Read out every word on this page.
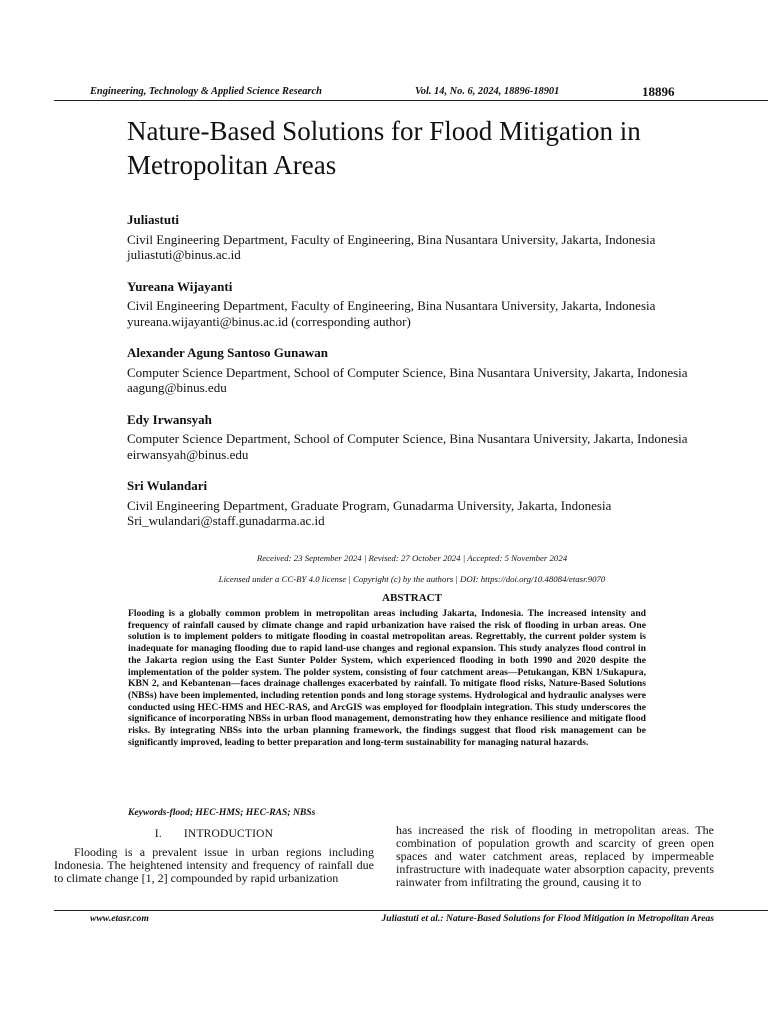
Engineering, Technology & Applied Science Research	Vol. 14, No. 6, 2024, 18896-18901	18896
Nature-Based Solutions for Flood Mitigation in Metropolitan Areas
Juliastuti
Civil Engineering Department, Faculty of Engineering, Bina Nusantara University, Jakarta, Indonesia
juliastuti@binus.ac.id
Yureana Wijayanti
Civil Engineering Department, Faculty of Engineering, Bina Nusantara University, Jakarta, Indonesia
yureana.wijayanti@binus.ac.id (corresponding author)
Alexander Agung Santoso Gunawan
Computer Science Department, School of Computer Science, Bina Nusantara University, Jakarta, Indonesia
aagung@binus.edu
Edy Irwansyah
Computer Science Department, School of Computer Science, Bina Nusantara University, Jakarta, Indonesia
eirwansyah@binus.edu
Sri Wulandari
Civil Engineering Department, Graduate Program, Gunadarma University, Jakarta, Indonesia
Sri_wulandari@staff.gunadarma.ac.id
Received: 23 September 2024 | Revised: 27 October 2024 | Accepted: 5 November 2024
Licensed under a CC-BY 4.0 license | Copyright (c) by the authors | DOI: https://doi.org/10.48084/etasr.9070
ABSTRACT

Flooding is a globally common problem in metropolitan areas including Jakarta, Indonesia. The increased intensity and frequency of rainfall caused by climate change and rapid urbanization have raised the risk of flooding in urban areas. One solution is to implement polders to mitigate flooding in coastal metropolitan areas. Regrettably, the current polder system is inadequate for managing flooding due to rapid land-use changes and regional expansion. This study analyzes flood control in the Jakarta region using the East Sunter Polder System, which experienced flooding in both 1990 and 2020 despite the implementation of the polder system. The polder system, consisting of four catchment areas—Petukangan, KBN 1/Sukapura, KBN 2, and Kebantenan—faces drainage challenges exacerbated by rainfall. To mitigate flood risks, Nature-Based Solutions (NBSs) have been implemented, including retention ponds and long storage systems. Hydrological and hydraulic analyses were conducted using HEC-HMS and HEC-RAS, and ArcGIS was employed for floodplain integration. This study underscores the significance of incorporating NBSs in urban flood management, demonstrating how they enhance resilience and mitigate flood risks. By integrating NBSs into the urban planning framework, the findings suggest that flood risk management can be significantly improved, leading to better preparation and long-term sustainability for managing natural hazards.

Keywords-flood; HEC-HMS; HEC-RAS; NBSs
I. INTRODUCTION

Flooding is a prevalent issue in urban regions including Indonesia. The heightened intensity and frequency of rainfall due to climate change [1, 2] compounded by rapid urbanization

has increased the risk of flooding in metropolitan areas. The combination of population growth and scarcity of green open spaces and water catchment areas, replaced by impermeable infrastructure with inadequate water absorption capacity, prevents rainwater from infiltrating the ground, causing it to

www.etasr.com	Juliastuti et al.: Nature-Based Solutions for Flood Mitigation in Metropolitan Areas
